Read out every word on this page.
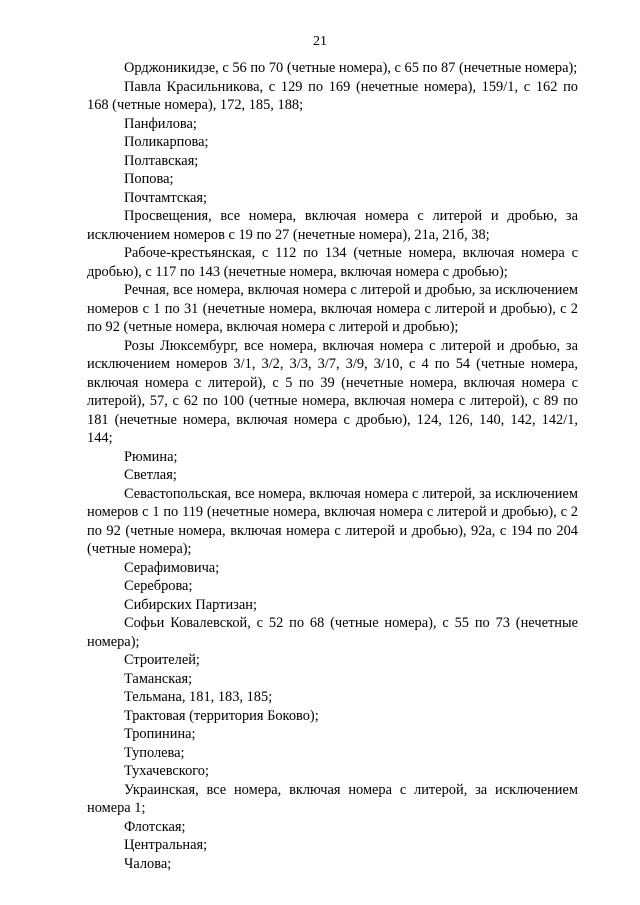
21

Орджоникидзе, с 56 по 70 (четные номера), с 65 по 87 (нечетные номера);

Павла Красильникова, с 129 по 169 (нечетные номера), 159/1, с 162 по 168 (четные номера), 172, 185, 188;

Панфилова;

Поликарпова;

Полтавская;

Попова;

Почтамтская;

Просвещения, все номера, включая номера с литерой и дробью, за исключением номеров с 19 по 27 (нечетные номера), 21а, 21б, 38;

Рабоче-крестьянская, с 112 по 134 (четные номера, включая номера с дробью), с 117 по 143 (нечетные номера, включая номера с дробью);

Речная, все номера, включая номера с литерой и дробью, за исключением номеров с 1 по 31 (нечетные номера, включая номера с литерой и дробью), с 2 по 92 (четные номера, включая номера с литерой и дробью);

Розы Люксембург, все номера, включая номера с литерой и дробью, за исключением номеров 3/1, 3/2, 3/3, 3/7, 3/9, 3/10, с 4 по 54 (четные номера, включая номера с литерой), с 5 по 39 (нечетные номера, включая номера с литерой), 57, с 62 по 100 (четные номера, включая номера с литерой), с 89 по 181 (нечетные номера, включая номера с дробью), 124, 126, 140, 142, 142/1, 144;

Рюмина;

Светлая;

Севастопольская, все номера, включая номера с литерой, за исключением номеров с 1 по 119 (нечетные номера, включая номера с литерой и дробью), с 2 по 92 (четные номера, включая номера с литерой и дробью), 92а, с 194 по 204 (четные номера);

Серафимовича;

Сереброва;

Сибирских Партизан;

Софьи Ковалевской, с 52 по 68 (четные номера), с 55 по 73 (нечетные номера);

Строителей;

Таманская;

Тельмана, 181, 183, 185;

Трактовая (территория Боково);

Тропинина;

Туполева;

Тухачевского;

Украинская, все номера, включая номера с литерой, за исключением номера 1;

Флотская;

Центральная;

Чалова;
